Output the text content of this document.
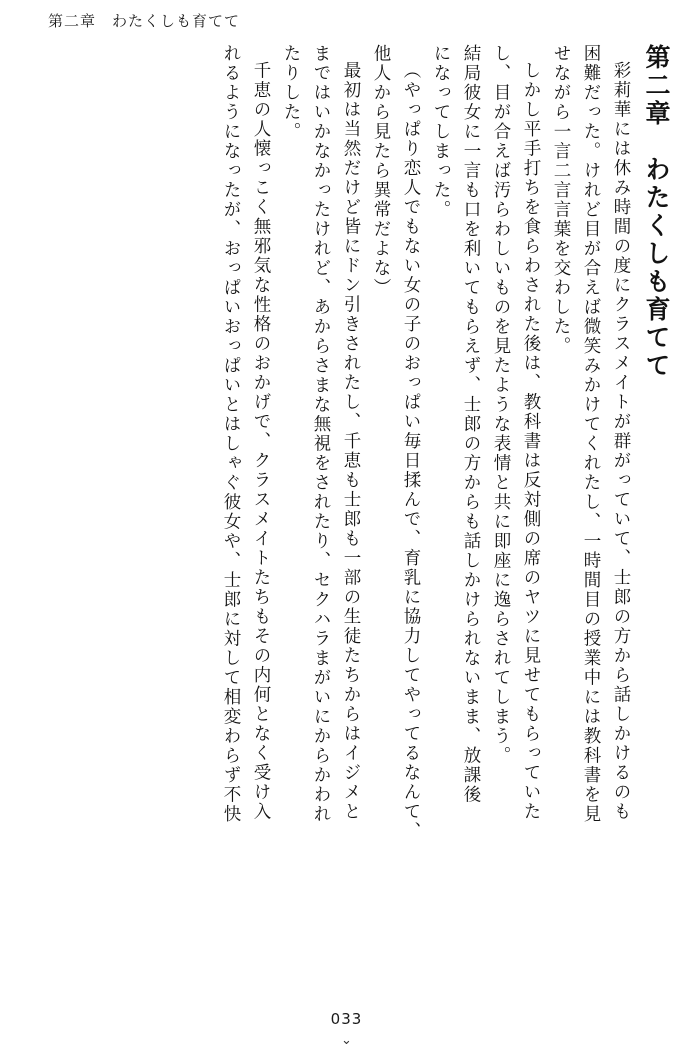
第二章　わたくしも育てて
第二章　わたくしも育てて
彩莉華には休み時間の度にクラスメイトが群がっていて、士郎の方から話しかけるのも
困難だった。けれど目が合えば微笑みかけてくれたし、一時間目の授業中には教科書を見
せながら一言二言言葉を交わした。
しかし平手打ちを食らわされた後は、教科書は反対側の席のヤツに見せてもらっていた
し、目が合えば汚らわしいものを見たような表情と共に即座に逸らされてしまう。
結局彼女に一言も口を利いてもらえず、士郎の方からも話しかけられないまま、放課後
になってしまった。
（やっぱり恋人でもない女の子のおっぱい毎日揉んで、育乳に協力してやってるなんて、
他人から見たら異常だよな）
最初は当然だけど皆にドン引きされたし、千恵も士郎も一部の生徒たちからはイジメと
まではいかなかったけれど、あからさまな無視をされたり、セクハラまがいにからかわれ
たりした。
千恵の人懐っこく無邪気な性格のおかげで、クラスメイトたちもその内何となく受け入
れるようになったが、おっぱいおっぱいとはしゃぐ彼女や、士郎に対して相変わらず不快
033
⌄
